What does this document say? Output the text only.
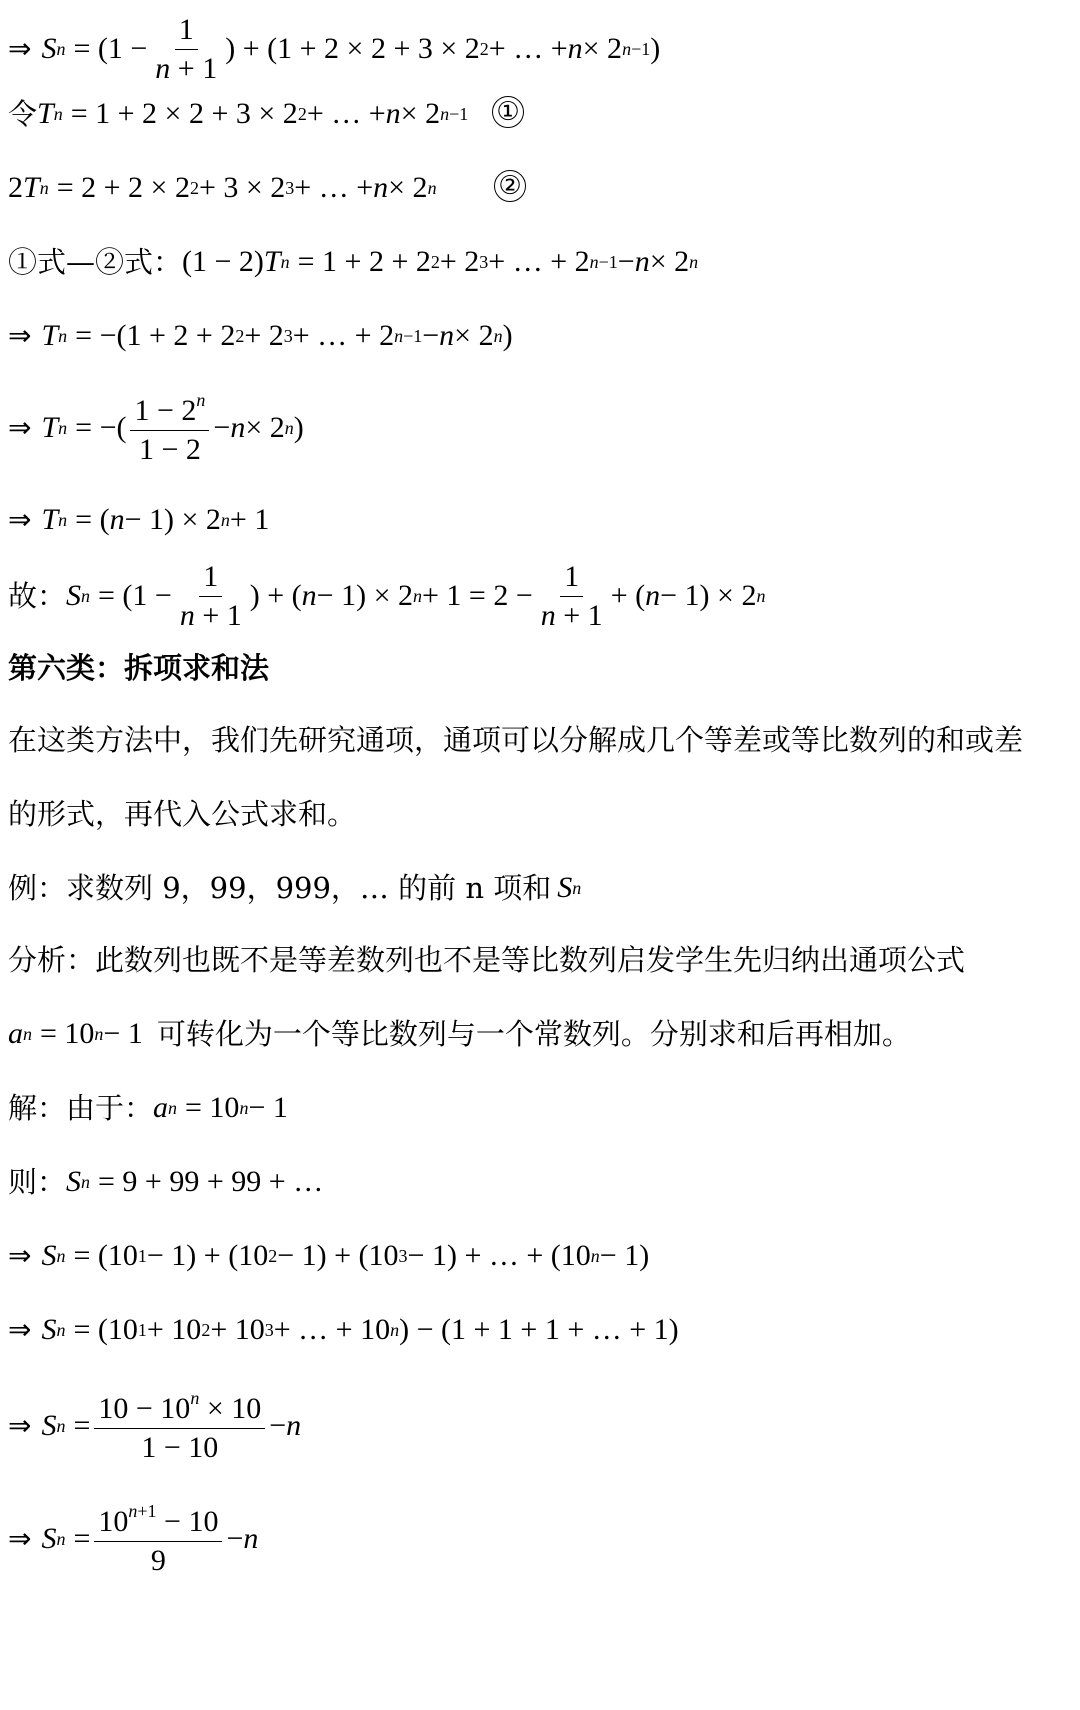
⇒ S $n = (1 - \frac{1}{n + 1}$ ) + (1 + 2 × 2 + 3 × 2 2 + … + n × 2 n−1 )
令 T n = 1 + 2 × 2 + 3 × 2 2 + … + n × 2 n−1 ①
2 T n = 2 + 2 × 2 2 + 3 × 2 3 + … + n × 2 n ②
①式—②式： (1 − 2) T n = 1 + 2 + 2 2 + 2 3 + … + 2 n−1 − n × 2 n
⇒ T n = −(1 + 2 + 2 2 + 2 3 + … + 2 n−1 − n × 2 n )
⇒ T n = −( $\frac{1 - 2^n}{1 - 2} - n \times 2$ n )
⇒ T n = ( n − 1) × 2 n + 1
故： S $n = (1 - \frac{1}{n + 1}$ ) + ( n − 1) × 2 $n + 1 = 2 - \frac{1}{n + 1}$ + ( n − 1) × 2 n
第六类：拆项求和法
在这类方法中，我们先研究通项，通项可以分解成几个等差或等比数列的和或差
的形式，再代入公式求和。
例：求数列 9，99，999，… 的前 n 项和 S n
分析：此数列也既不是等差数列也不是等比数列启发学生先归纳出通项公式
a n = 10 n − 1 可转化为一个等比数列与一个常数列。分别求和后再相加。
解：由于： a n = 10 n − 1
则： S n = 9 + 99 + 99 + …
⇒ S n = (10 1 − 1) + (10 2 − 1) + (10 3 − 1) + … + (10 n − 1)
⇒ S n = (10 1 + 10 2 + 10 3 + … + 10 n ) − (1 + 1 + 1 + … + 1)
⇒ S $n = \frac{10 - 10^n \times 10}{1 - 10} - n$
⇒ S $n = \frac{10^{n+1} - 10}{9} - n$
